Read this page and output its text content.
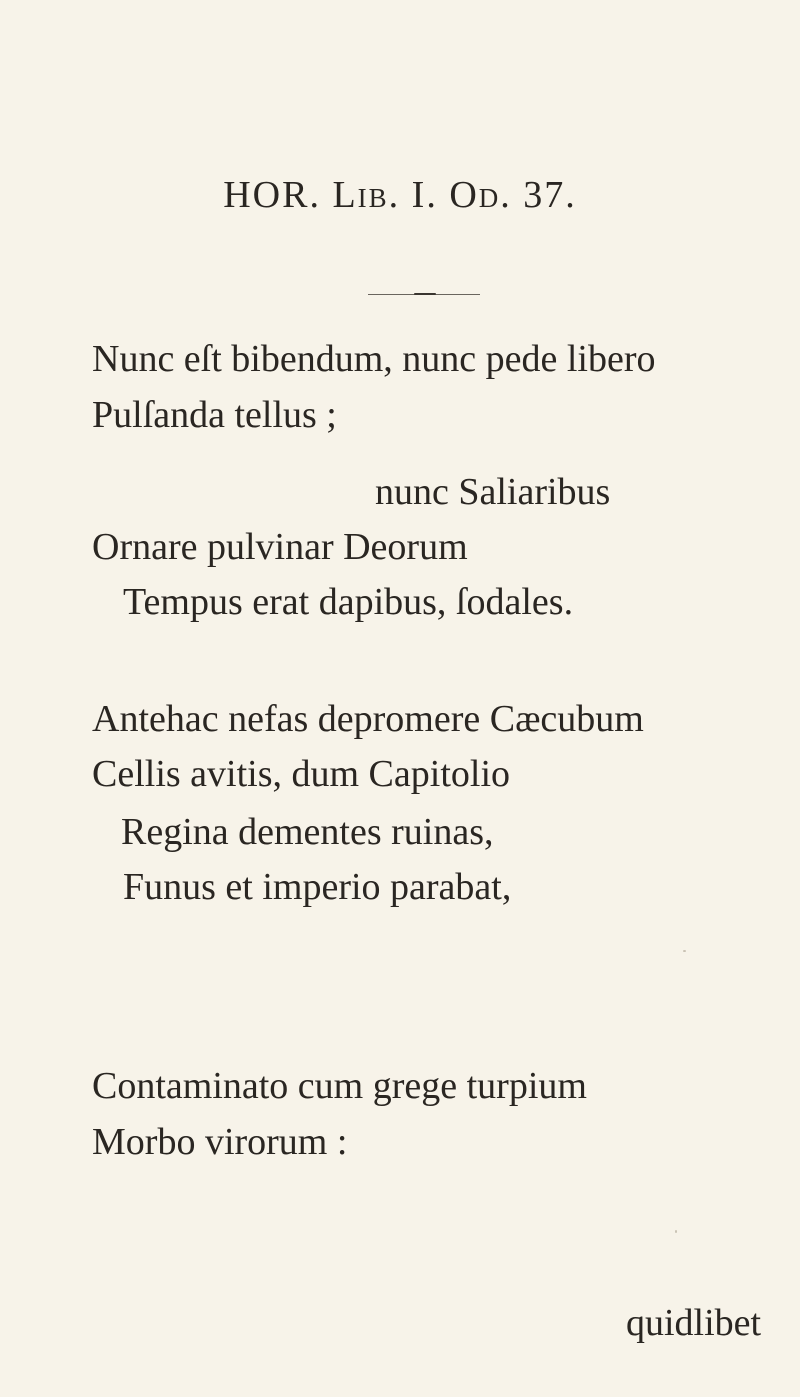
HOR. Lib. I. Od. 37.
Nunc eſt bibendum, nunc pede libero
Pulſanda tellus ;
nunc Saliaribus
Ornare pulvinar Deorum
Tempus erat dapibus, ſodales.
Antehac nefas depromere Cæcubum
Cellis avitis, dum Capitolio
Regina dementes ruinas,
Funus et imperio parabat,
Contaminato cum grege turpium
Morbo virorum :
quidlibet
